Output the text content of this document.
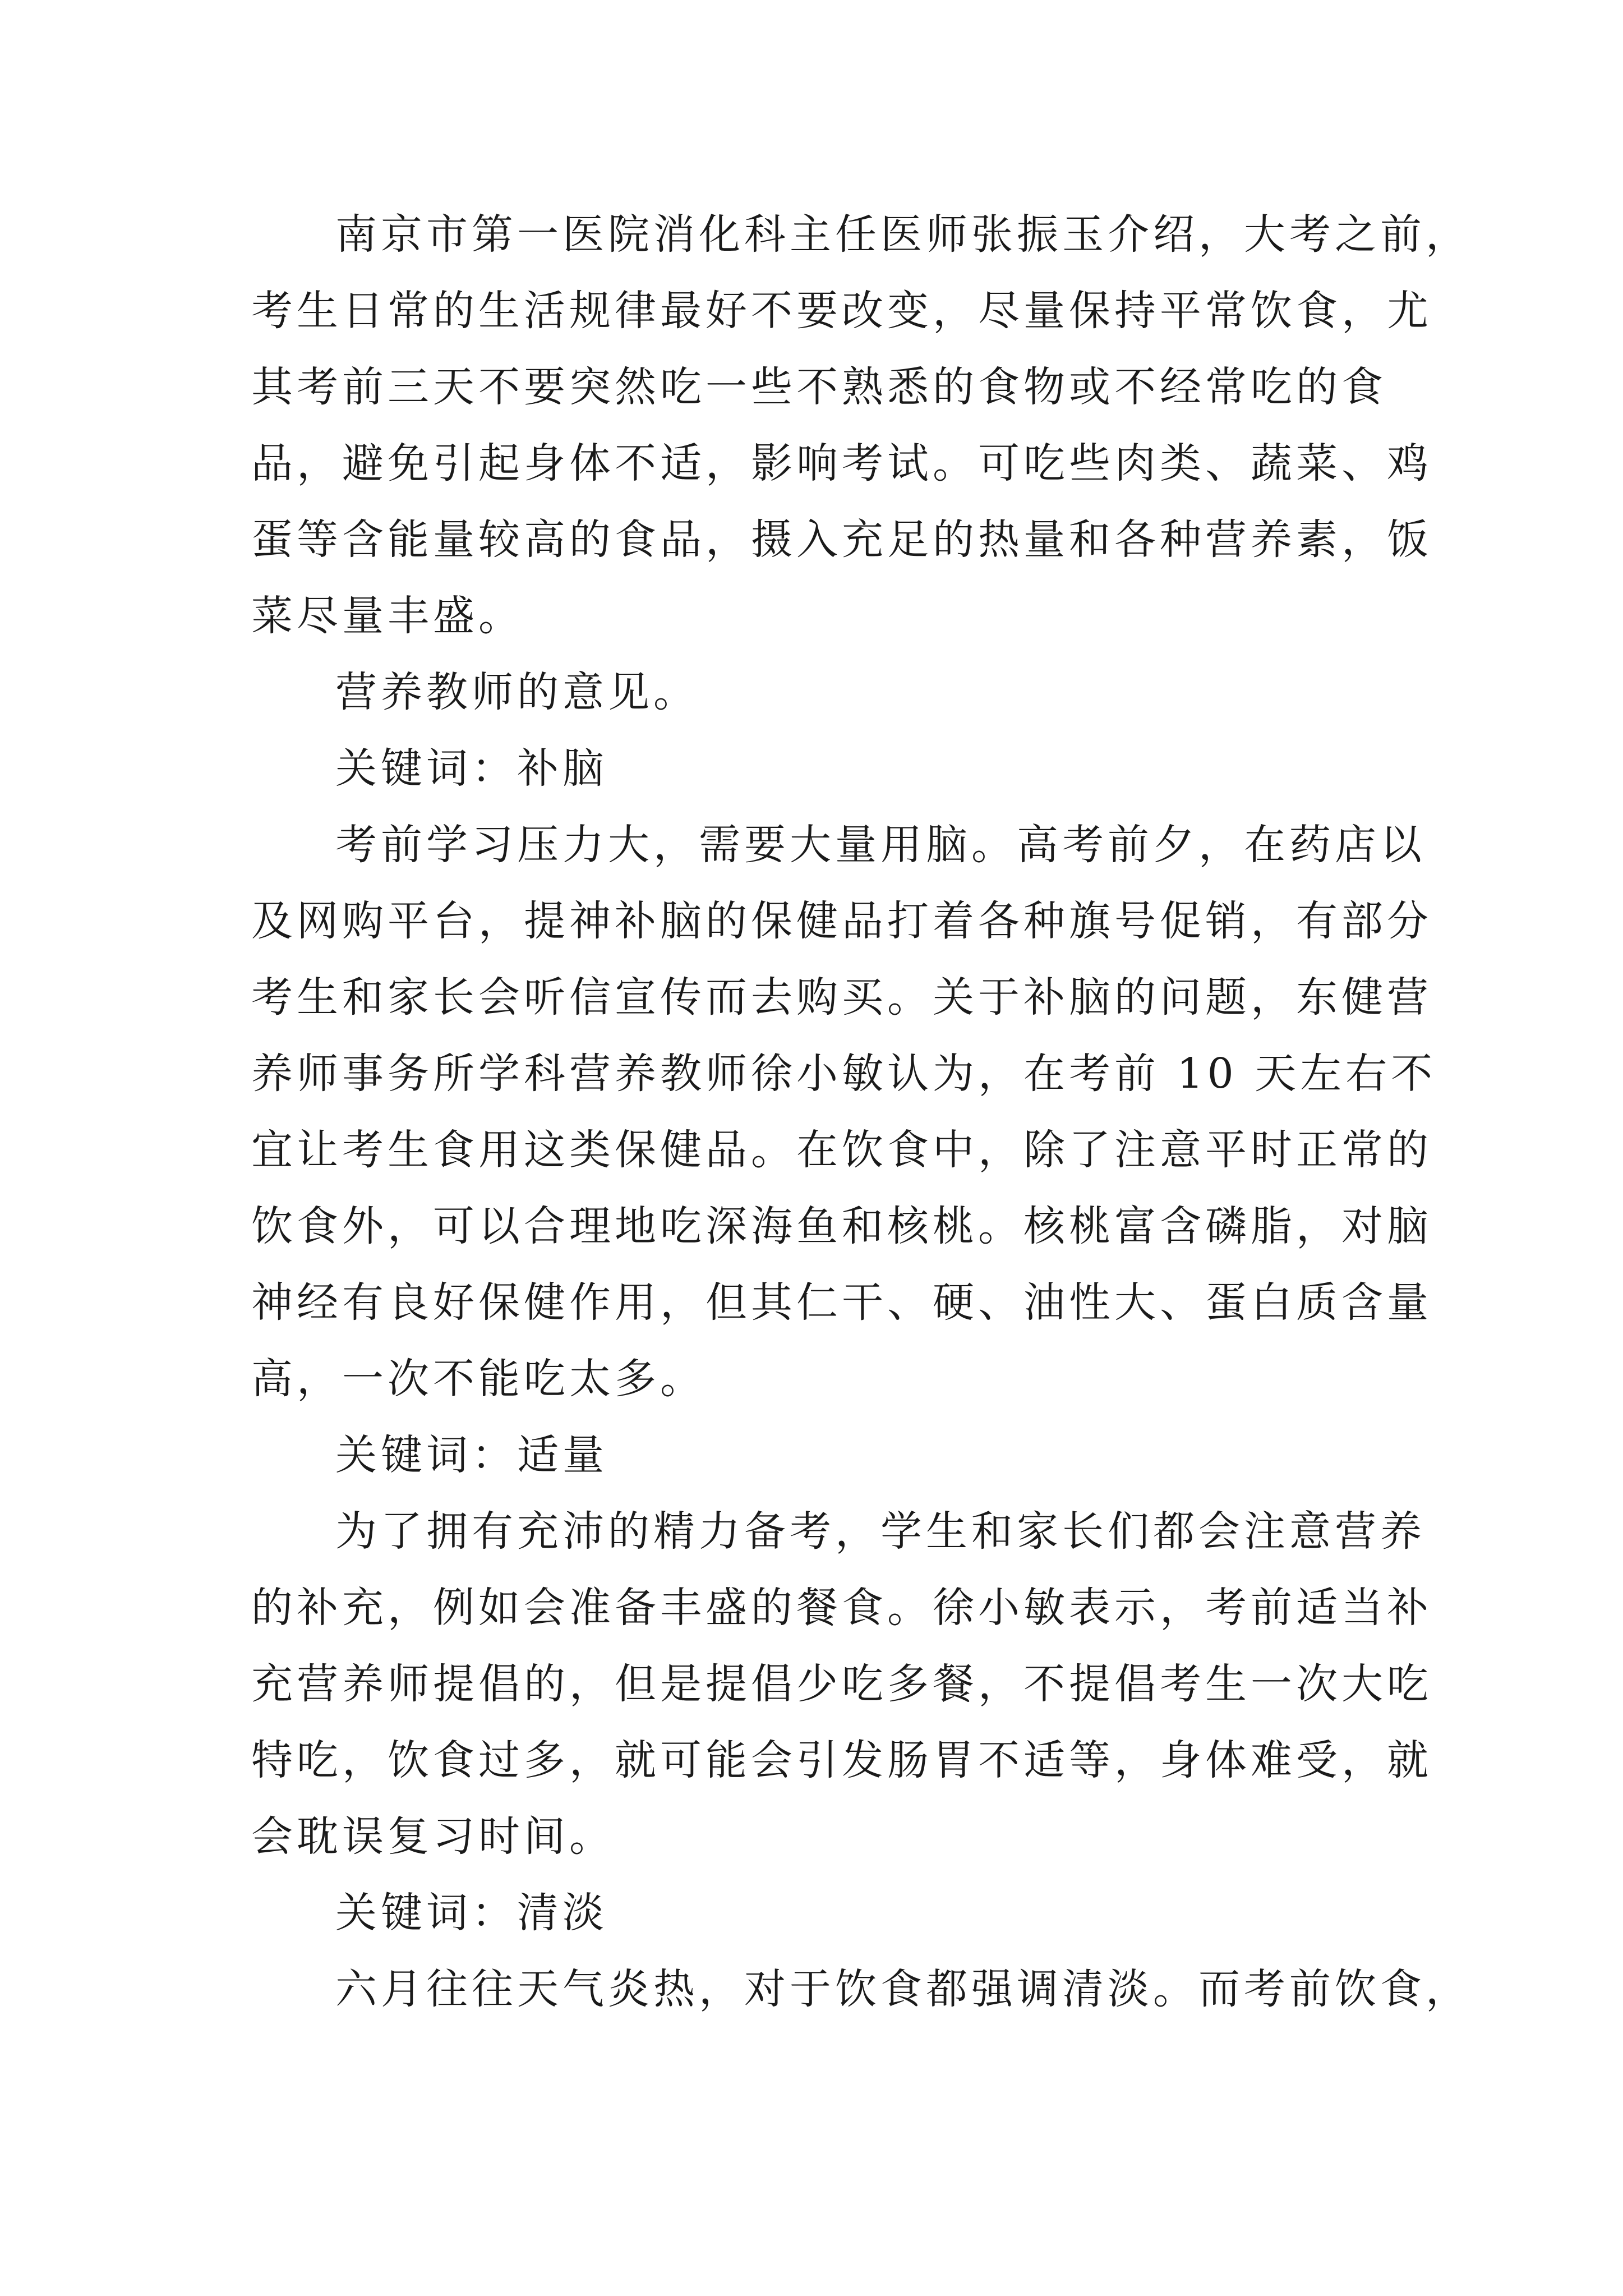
南京市第一医院消化科主任医师张振玉介绍，大考之前，
考生日常的生活规律最好不要改变，尽量保持平常饮食，尤
其考前三天不要突然吃一些不熟悉的食物或不经常吃的食
品，避免引起身体不适，影响考试。可吃些肉类、蔬菜、鸡
蛋等含能量较高的食品，摄入充足的热量和各种营养素，饭
菜尽量丰盛。
营养教师的意见。
关键词：补脑
考前学习压力大，需要大量用脑。高考前夕，在药店以
及网购平台，提神补脑的保健品打着各种旗号促销，有部分
考生和家长会听信宣传而去购买。关于补脑的问题，东健营
养师事务所学科营养教师徐小敏认为，在考前 10 天左右不
宜让考生食用这类保健品。在饮食中，除了注意平时正常的
饮食外，可以合理地吃深海鱼和核桃。核桃富含磷脂，对脑
神经有良好保健作用，但其仁干、硬、油性大、蛋白质含量
高，一次不能吃太多。
关键词：适量
为了拥有充沛的精力备考，学生和家长们都会注意营养
的补充，例如会准备丰盛的餐食。徐小敏表示，考前适当补
充营养师提倡的，但是提倡少吃多餐，不提倡考生一次大吃
特吃，饮食过多，就可能会引发肠胃不适等，身体难受，就
会耽误复习时间。
关键词：清淡
六月往往天气炎热，对于饮食都强调清淡。而考前饮食，
